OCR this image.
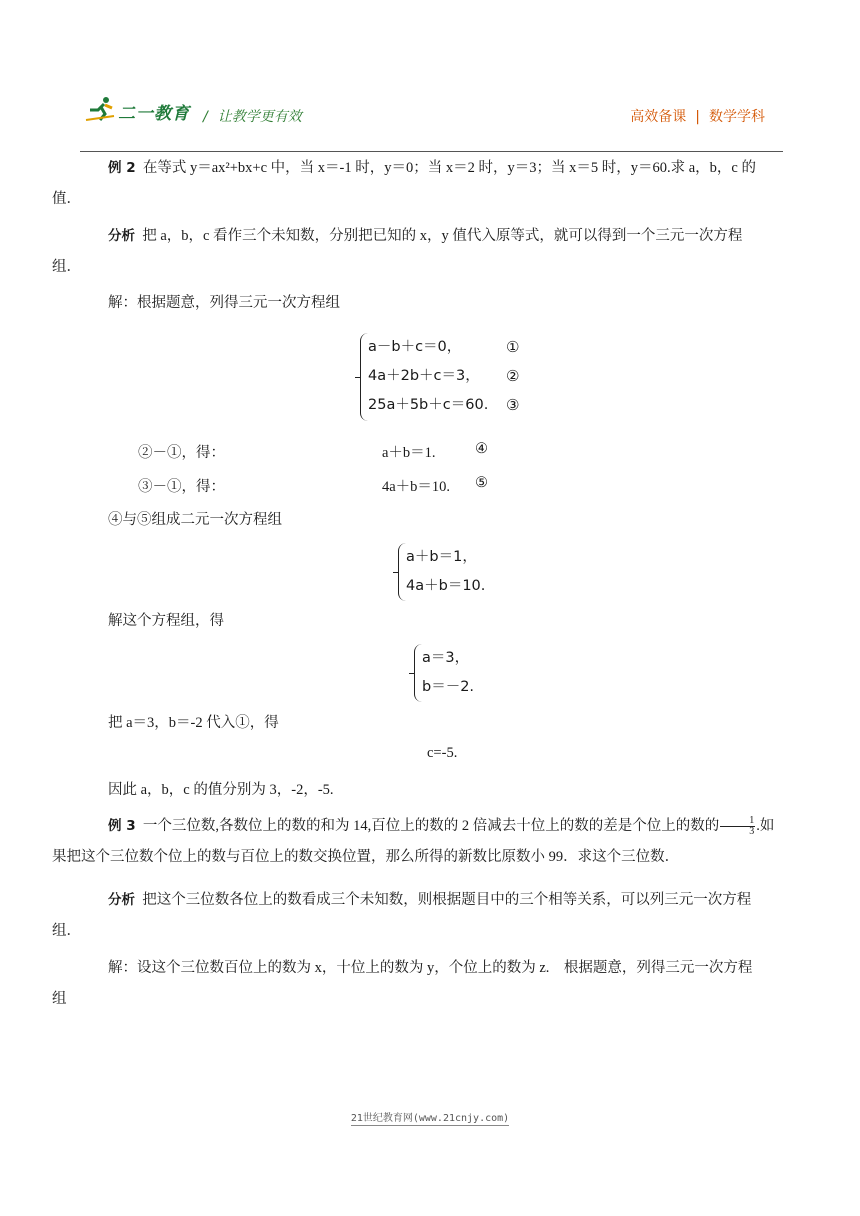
二一教育 / 让教学更有效	高效备课 | 数学学科
例 2 在等式 y＝ax²+bx+c 中，当 x＝-1 时，y＝0；当 x＝2 时，y＝3；当 x＝5 时，y＝60.求 a，b，c 的
值．
分析 把 a，b，c 看作三个未知数，分别把已知的 x，y 值代入原等式，就可以得到一个三元一次方程
组．
解：根据题意，列得三元一次方程组
a－b＋c＝0，	①
4a＋2b＋c＝3， ②
25a＋5b＋c＝60. ③
②－①，得：	a＋b＝1.	④
③－①，得：	4a＋b＝10. ⑤
④与⑤组成二元一次方程组
a＋b＝1，
4a＋b＝10.
解这个方程组，得
a＝3，
b＝－2.
把 a＝3，b＝-2 代入①，得
c=-5.
因此 a，b，c 的值分别为 3，-2，-5.
例 3 一个三位数,各数位上的数的和为 14,百位上的数的 2 倍减去十位上的数的差是个位上的数的 $\frac{1}{3}$ .如
果把这个三位数个位上的数与百位上的数交换位置，那么所得的新数比原数小 99．求这个三位数．
分析 把这个三位数各位上的数看成三个未知数，则根据题目中的三个相等关系，可以列三元一次方程
组．
解：设这个三位数百位上的数为 x，十位上的数为 y，个位上的数为 z.　根据题意，列得三元一次方程
组
21世纪教育网(www.21cnjy.com)
